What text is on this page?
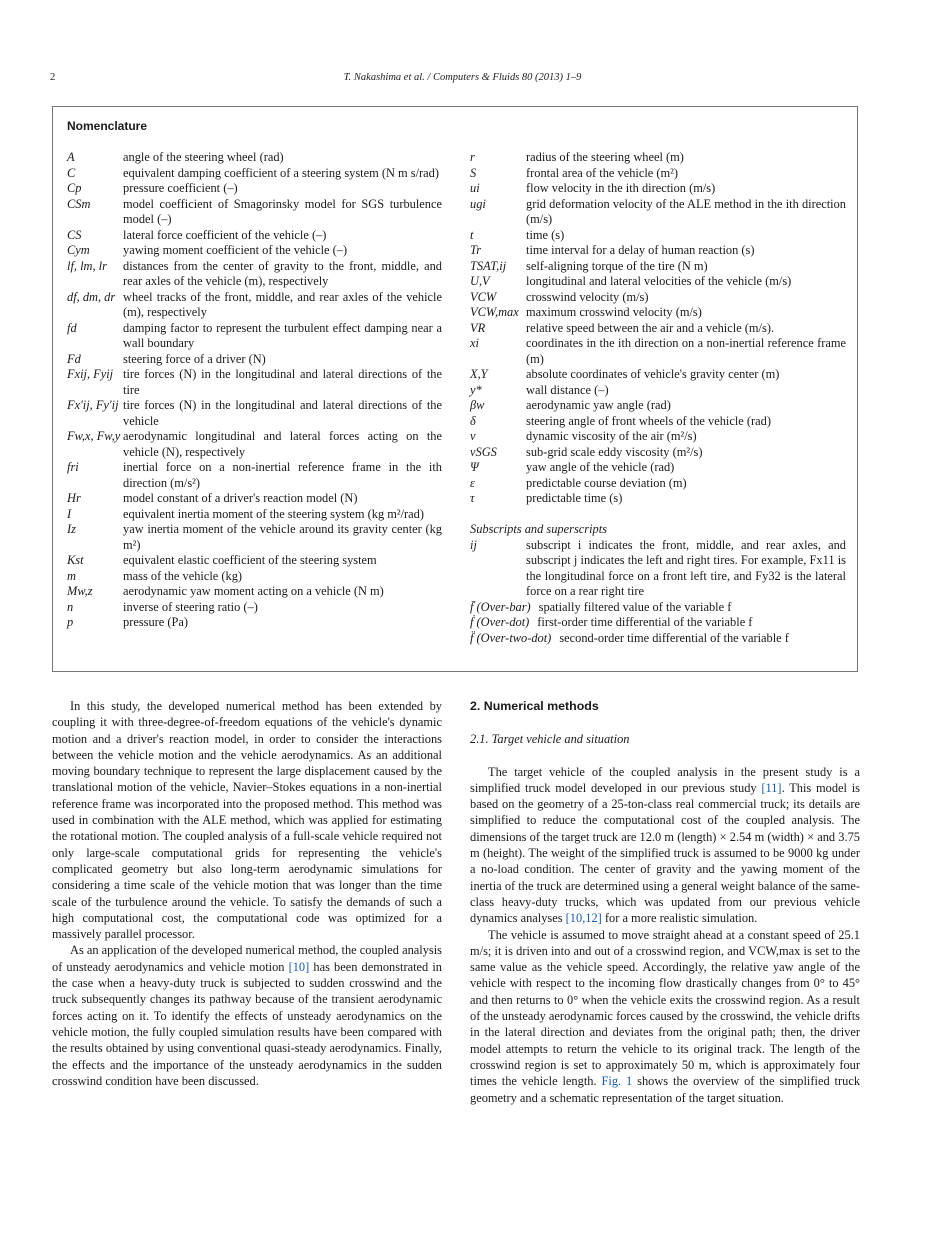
2	T. Nakashima et al. / Computers & Fluids 80 (2013) 1–9
Nomenclature
A	angle of the steering wheel (rad)
C	equivalent damping coefficient of a steering system (N m s/rad)
Cp	pressure coefficient (–)
CSm	model coefficient of Smagorinsky model for SGS turbulence model (–)
CS	lateral force coefficient of the vehicle (–)
Cym	yawing moment coefficient of the vehicle (–)
lf, lm, lr	distances from the center of gravity to the front, middle, and rear axles of the vehicle (m), respectively
df, dm, dr wheel tracks of the front, middle, and rear axles of the vehicle (m), respectively
fd	damping factor to represent the turbulent effect damping near a wall boundary
Fd	steering force of a driver (N)
Fxij, Fyij tire forces (N) in the longitudinal and lateral directions of the tire
Fx′ij, Fy′ij tire forces (N) in the longitudinal and lateral directions of the vehicle
Fw,x, Fw,y aerodynamic longitudinal and lateral forces acting on the vehicle (N), respectively
fri	inertial force on a non-inertial reference frame in the ith direction (m/s²)
Hr	model constant of a driver's reaction model (N)
I	equivalent inertia moment of the steering system (kg m²/rad)
Iz	yaw inertia moment of the vehicle around its gravity center (kg m²)
Kst	equivalent elastic coefficient of the steering system
m	mass of the vehicle (kg)
Mw,z	aerodynamic yaw moment acting on a vehicle (N m)
n	inverse of steering ratio (–)
p	pressure (Pa)
r	radius of the steering wheel (m)
S	frontal area of the vehicle (m²)
ui	flow velocity in the ith direction (m/s)
ugi	grid deformation velocity of the ALE method in the ith direction (m/s)
t	time (s)
Tr	time interval for a delay of human reaction (s)
TSAT,ij	self-aligning torque of the tire (N m)
U,V	longitudinal and lateral velocities of the vehicle (m/s)
VCW	crosswind velocity (m/s)
VCW,max maximum crosswind velocity (m/s)
VR	relative speed between the air and a vehicle (m/s).
xi	coordinates in the ith direction on a non-inertial reference frame (m)
X,Y	absolute coordinates of vehicle's gravity center (m)
y*	wall distance (–)
βw	aerodynamic yaw angle (rad)
δ	steering angle of front wheels of the vehicle (rad)
ν	dynamic viscosity of the air (m²/s)
νSGS	sub-grid scale eddy viscosity (m²/s)
Ψ	yaw angle of the vehicle (rad)
ε	predictable course deviation (m)
τ	predictable time (s)
Subscripts and superscripts
ij	subscript i indicates the front, middle, and rear axles, and subscript j indicates the left and right tires. For example, Fx11 is the longitudinal force on a front left tire, and Fy32 is the lateral force on a rear right tire
f̄ (Over-bar) spatially filtered value of the variable f
ḟ (Over-dot) first-order time differential of the variable f
f̈ (Over-two-dot) second-order time differential of the variable f

In this study, the developed numerical method has been extended by coupling it with three-degree-of-freedom equations of the vehicle's dynamic motion and a driver's reaction model, in order to consider the interactions between the vehicle motion and the vehicle aerodynamics. As an additional moving boundary technique to represent the large displacement caused by the translational motion of the vehicle, Navier–Stokes equations in a non-inertial reference frame was incorporated into the proposed method. This method was used in combination with the ALE method, which was applied for estimating the rotational motion. The coupled analysis of a full-scale vehicle required not only large-scale computational grids for representing the vehicle's complicated geometry but also long-term aerodynamic simulations for considering a time scale of the vehicle motion that was longer than the time scale of the turbulence around the vehicle. To satisfy the demands of such a high computational cost, the computational code was optimized for a massively parallel processor.

As an application of the developed numerical method, the coupled analysis of unsteady aerodynamics and vehicle motion [10] has been demonstrated in the case when a heavy-duty truck is subjected to sudden crosswind and the truck subsequently changes its pathway because of the transient aerodynamic forces acting on it. To identify the effects of unsteady aerodynamics on the vehicle motion, the fully coupled simulation results have been compared with the results obtained by using conventional quasi-steady aerodynamics. Finally, the effects and the importance of the unsteady aerodynamics in the sudden crosswind condition have been discussed.

2. Numerical methods
2.1. Target vehicle and situation

The target vehicle of the coupled analysis in the present study is a simplified truck model developed in our previous study [11]. This model is based on the geometry of a 25-ton-class real commercial truck; its details are simplified to reduce the computational cost of the coupled analysis. The dimensions of the target truck are 12.0 m (length) × 2.54 m (width) × and 3.75 m (height). The weight of the simplified truck is assumed to be 9000 kg under a no-load condition. The center of gravity and the yawing moment of the inertia of the truck are determined using a general weight balance of the same-class heavy-duty trucks, which was updated from our previous vehicle dynamics analyses [10,12] for a more realistic simulation.

The vehicle is assumed to move straight ahead at a constant speed of 25.1 m/s; it is driven into and out of a crosswind region, and VCW,max is set to the same value as the vehicle speed. Accordingly, the relative yaw angle of the vehicle with respect to the incoming flow drastically changes from 0° to 45° and then returns to 0° when the vehicle exits the crosswind region. As a result of the unsteady aerodynamic forces caused by the crosswind, the vehicle drifts in the lateral direction and deviates from the original path; then, the driver model attempts to return the vehicle to its original track. The length of the crosswind region is set to approximately 50 m, which is approximately four times the vehicle length. Fig. 1 shows the overview of the simplified truck geometry and a schematic representation of the target situation.
